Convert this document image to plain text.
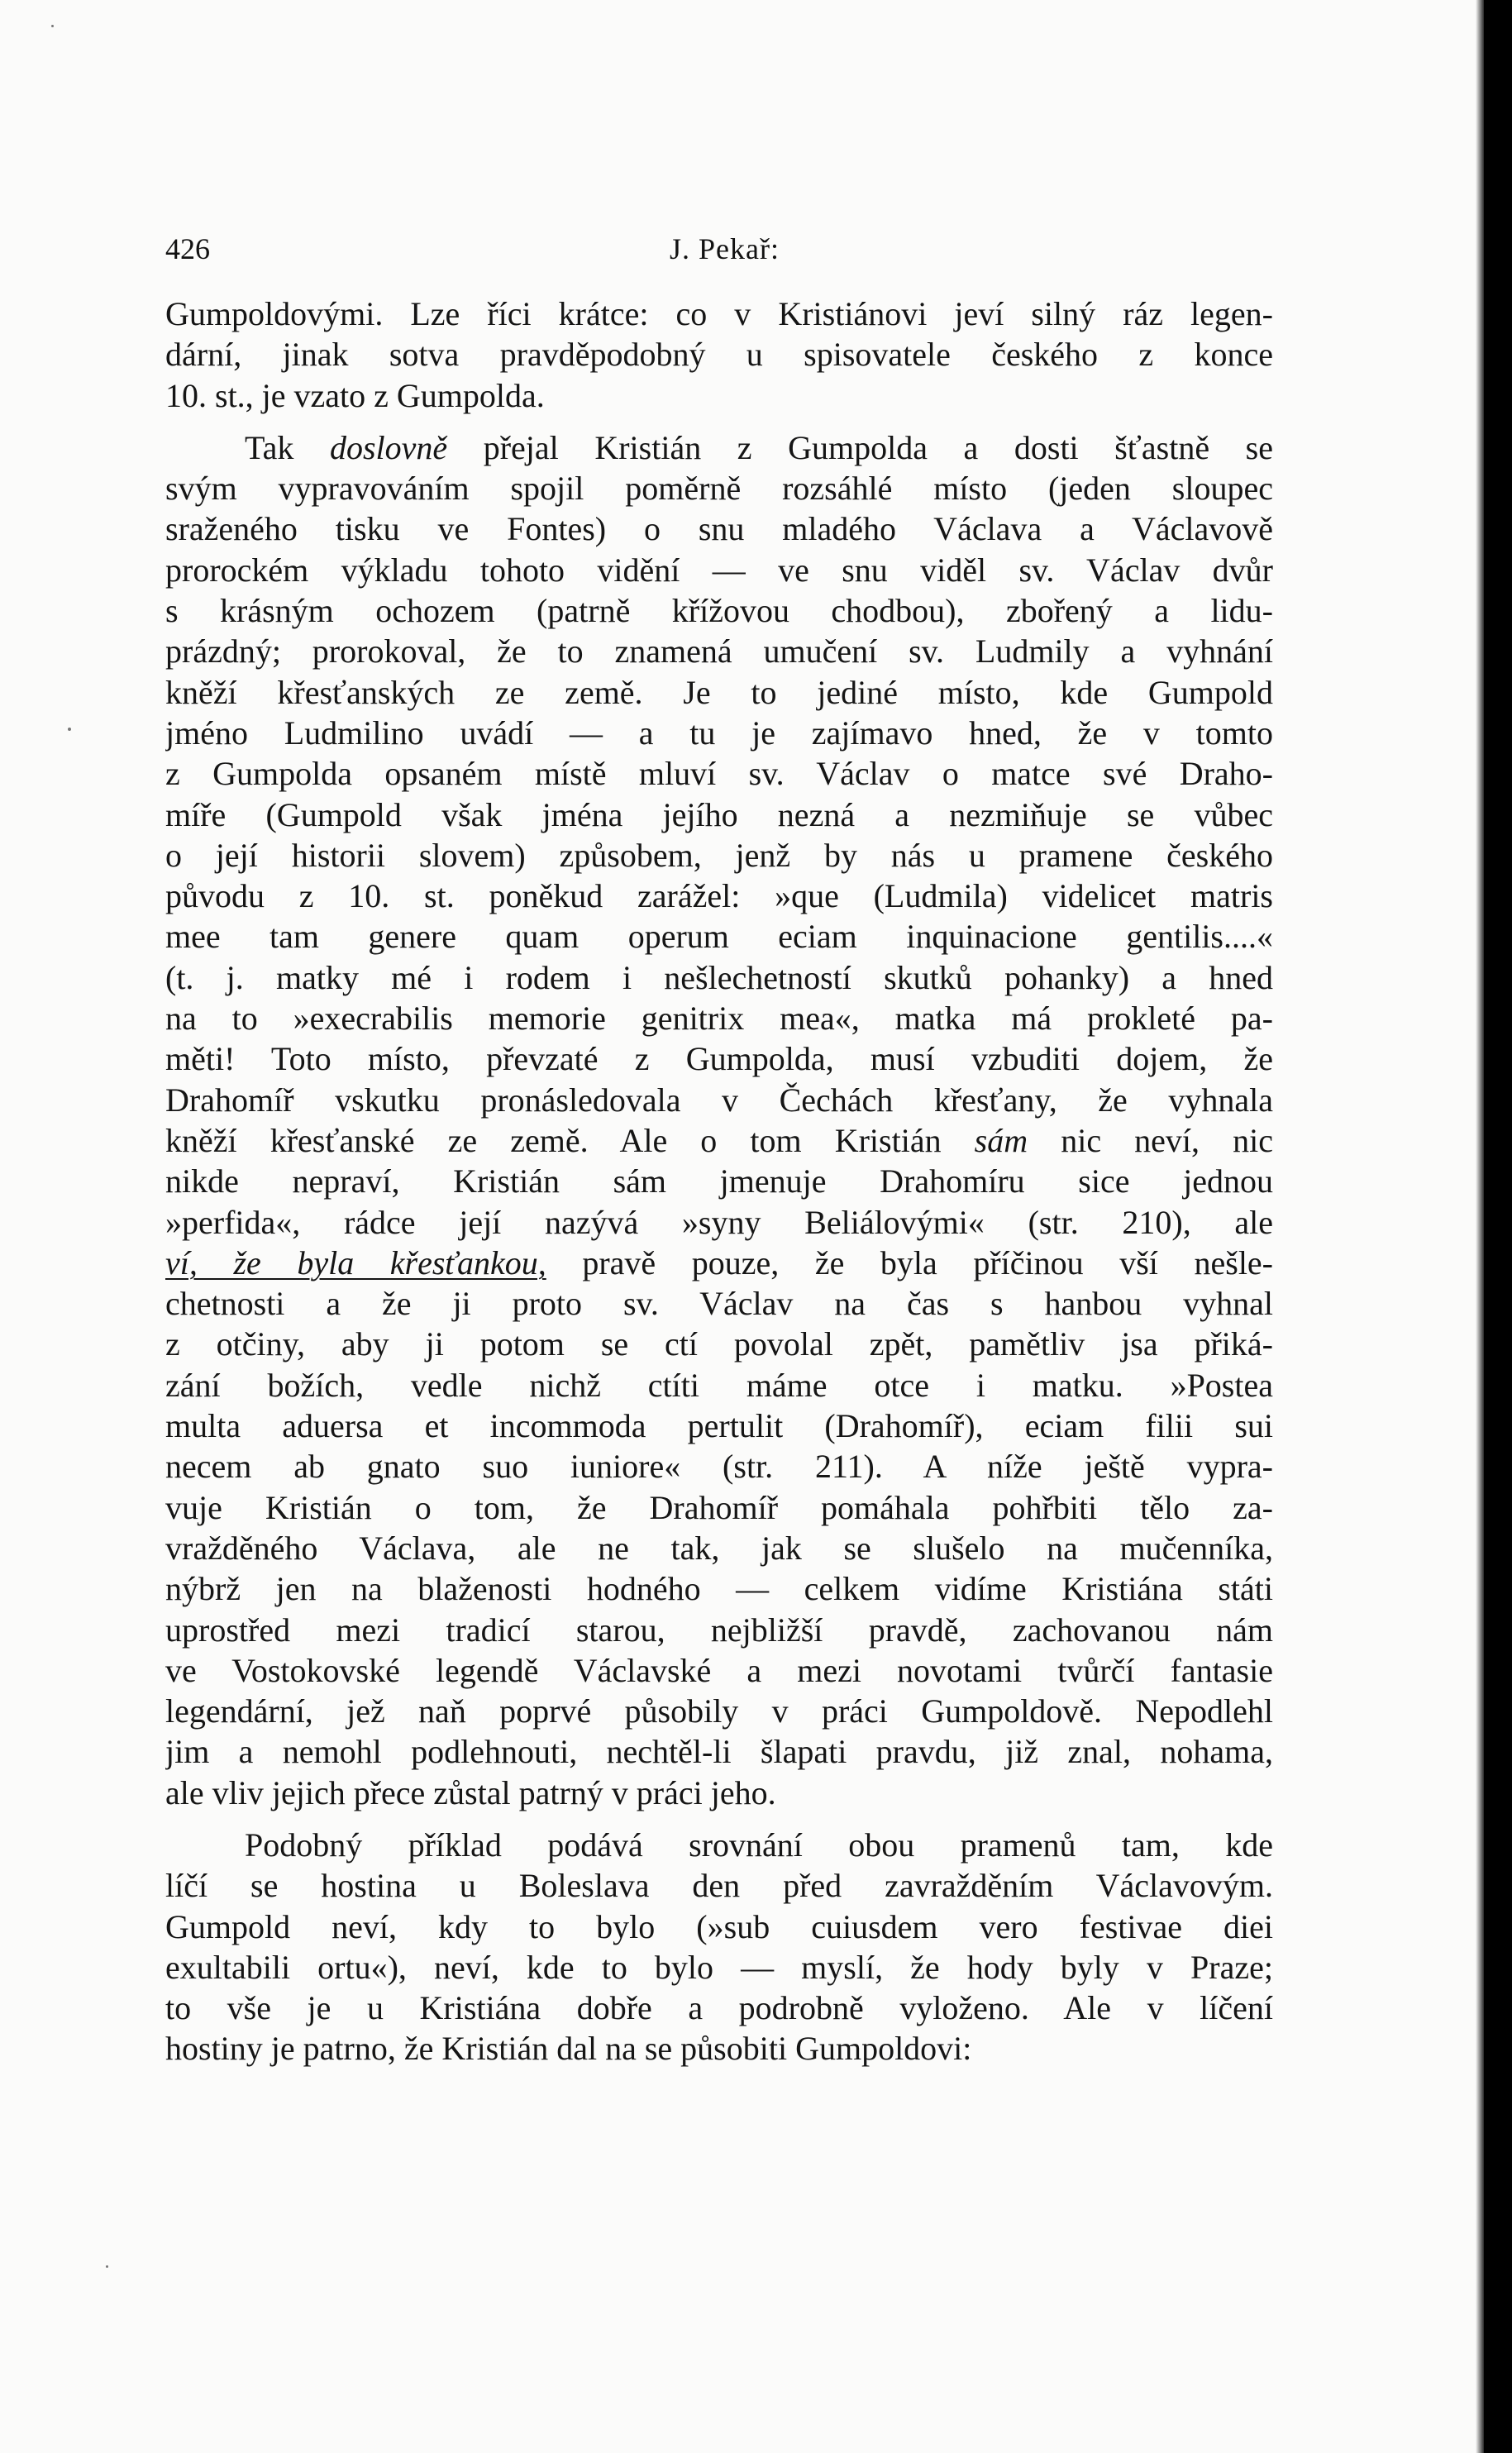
426	J. Pekař:
Gumpoldovými. Lze říci krátce: co v Kristiánovi jeví silný ráz legen-
dární, jinak sotva pravděpodobný u spisovatele českého z konce
10. st., je vzato z Gumpolda.
Tak doslovně přejal Kristián z Gumpolda a dosti šťastně se
svým vypravováním spojil poměrně rozsáhlé místo (jeden sloupec
sraženého tisku ve Fontes) o snu mladého Václava a Václavově
prorockém výkladu tohoto vidění — ve snu viděl sv. Václav dvůr
s krásným ochozem (patrně křížovou chodbou), zbořený a lidu-
prázdný; prorokoval, že to znamená umučení sv. Ludmily a vyhnání
kněží křesťanských ze země. Je to jediné místo, kde Gumpold
jméno Ludmilino uvádí — a tu je zajímavo hned, že v tomto
z Gumpolda opsaném místě mluví sv. Václav o matce své Draho-
míře (Gumpold však jména jejího nezná a nezmiňuje se vůbec
o její historii slovem) způsobem, jenž by nás u pramene českého
původu z 10. st. poněkud zarážel: »que (Ludmila) videlicet matris
mee tam genere quam operum eciam inquinacione gentilis....«
(t. j. matky mé i rodem i nešlechetností skutků pohanky) a hned
na to »execrabilis memorie genitrix mea«, matka má prokleté pa-
měti! Toto místo, převzaté z Gumpolda, musí vzbuditi dojem, že
Drahomíř vskutku pronásledovala v Čechách křesťany, že vyhnala
kněží křesťanské ze země. Ale o tom Kristián sám nic neví, nic
nikde nepraví, Kristián sám jmenuje Drahomíru sice jednou
»perfida«, rádce její nazývá »syny Beliálovými« (str. 210), ale
ví, že byla křesťankou, pravě pouze, že byla příčinou vší nešle-
chetnosti a že ji proto sv. Václav na čas s hanbou vyhnal
z otčiny, aby ji potom se ctí povolal zpět, pamětliv jsa přiká-
zání božích, vedle nichž ctíti máme otce i matku. »Postea
multa aduersa et incommoda pertulit (Drahomíř), eciam filii sui
necem ab gnato suo iuniore« (str. 211). A níže ještě vypra-
vuje Kristián o tom, že Drahomíř pomáhala pohřbiti tělo za-
vražděného Václava, ale ne tak, jak se slušelo na mučenníka,
nýbrž jen na blaženosti hodného — celkem vidíme Kristiána státi
uprostřed mezi tradicí starou, nejbližší pravdě, zachovanou nám
ve Vostokovské legendě Václavské a mezi novotami tvůrčí fantasie
legendární, jež naň poprvé působily v práci Gumpoldově. Nepodlehl
jim a nemohl podlehnouti, nechtěl-li šlapati pravdu, již znal, nohama,
ale vliv jejich přece zůstal patrný v práci jeho.
Podobný příklad podává srovnání obou pramenů tam, kde
líčí se hostina u Boleslava den před zavražděním Václavovým.
Gumpold neví, kdy to bylo (»sub cuiusdem vero festivae diei
exultabili ortu«), neví, kde to bylo — myslí, že hody byly v Praze;
to vše je u Kristiána dobře a podrobně vyloženo. Ale v líčení
hostiny je patrno, že Kristián dal na se působiti Gumpoldovi:
